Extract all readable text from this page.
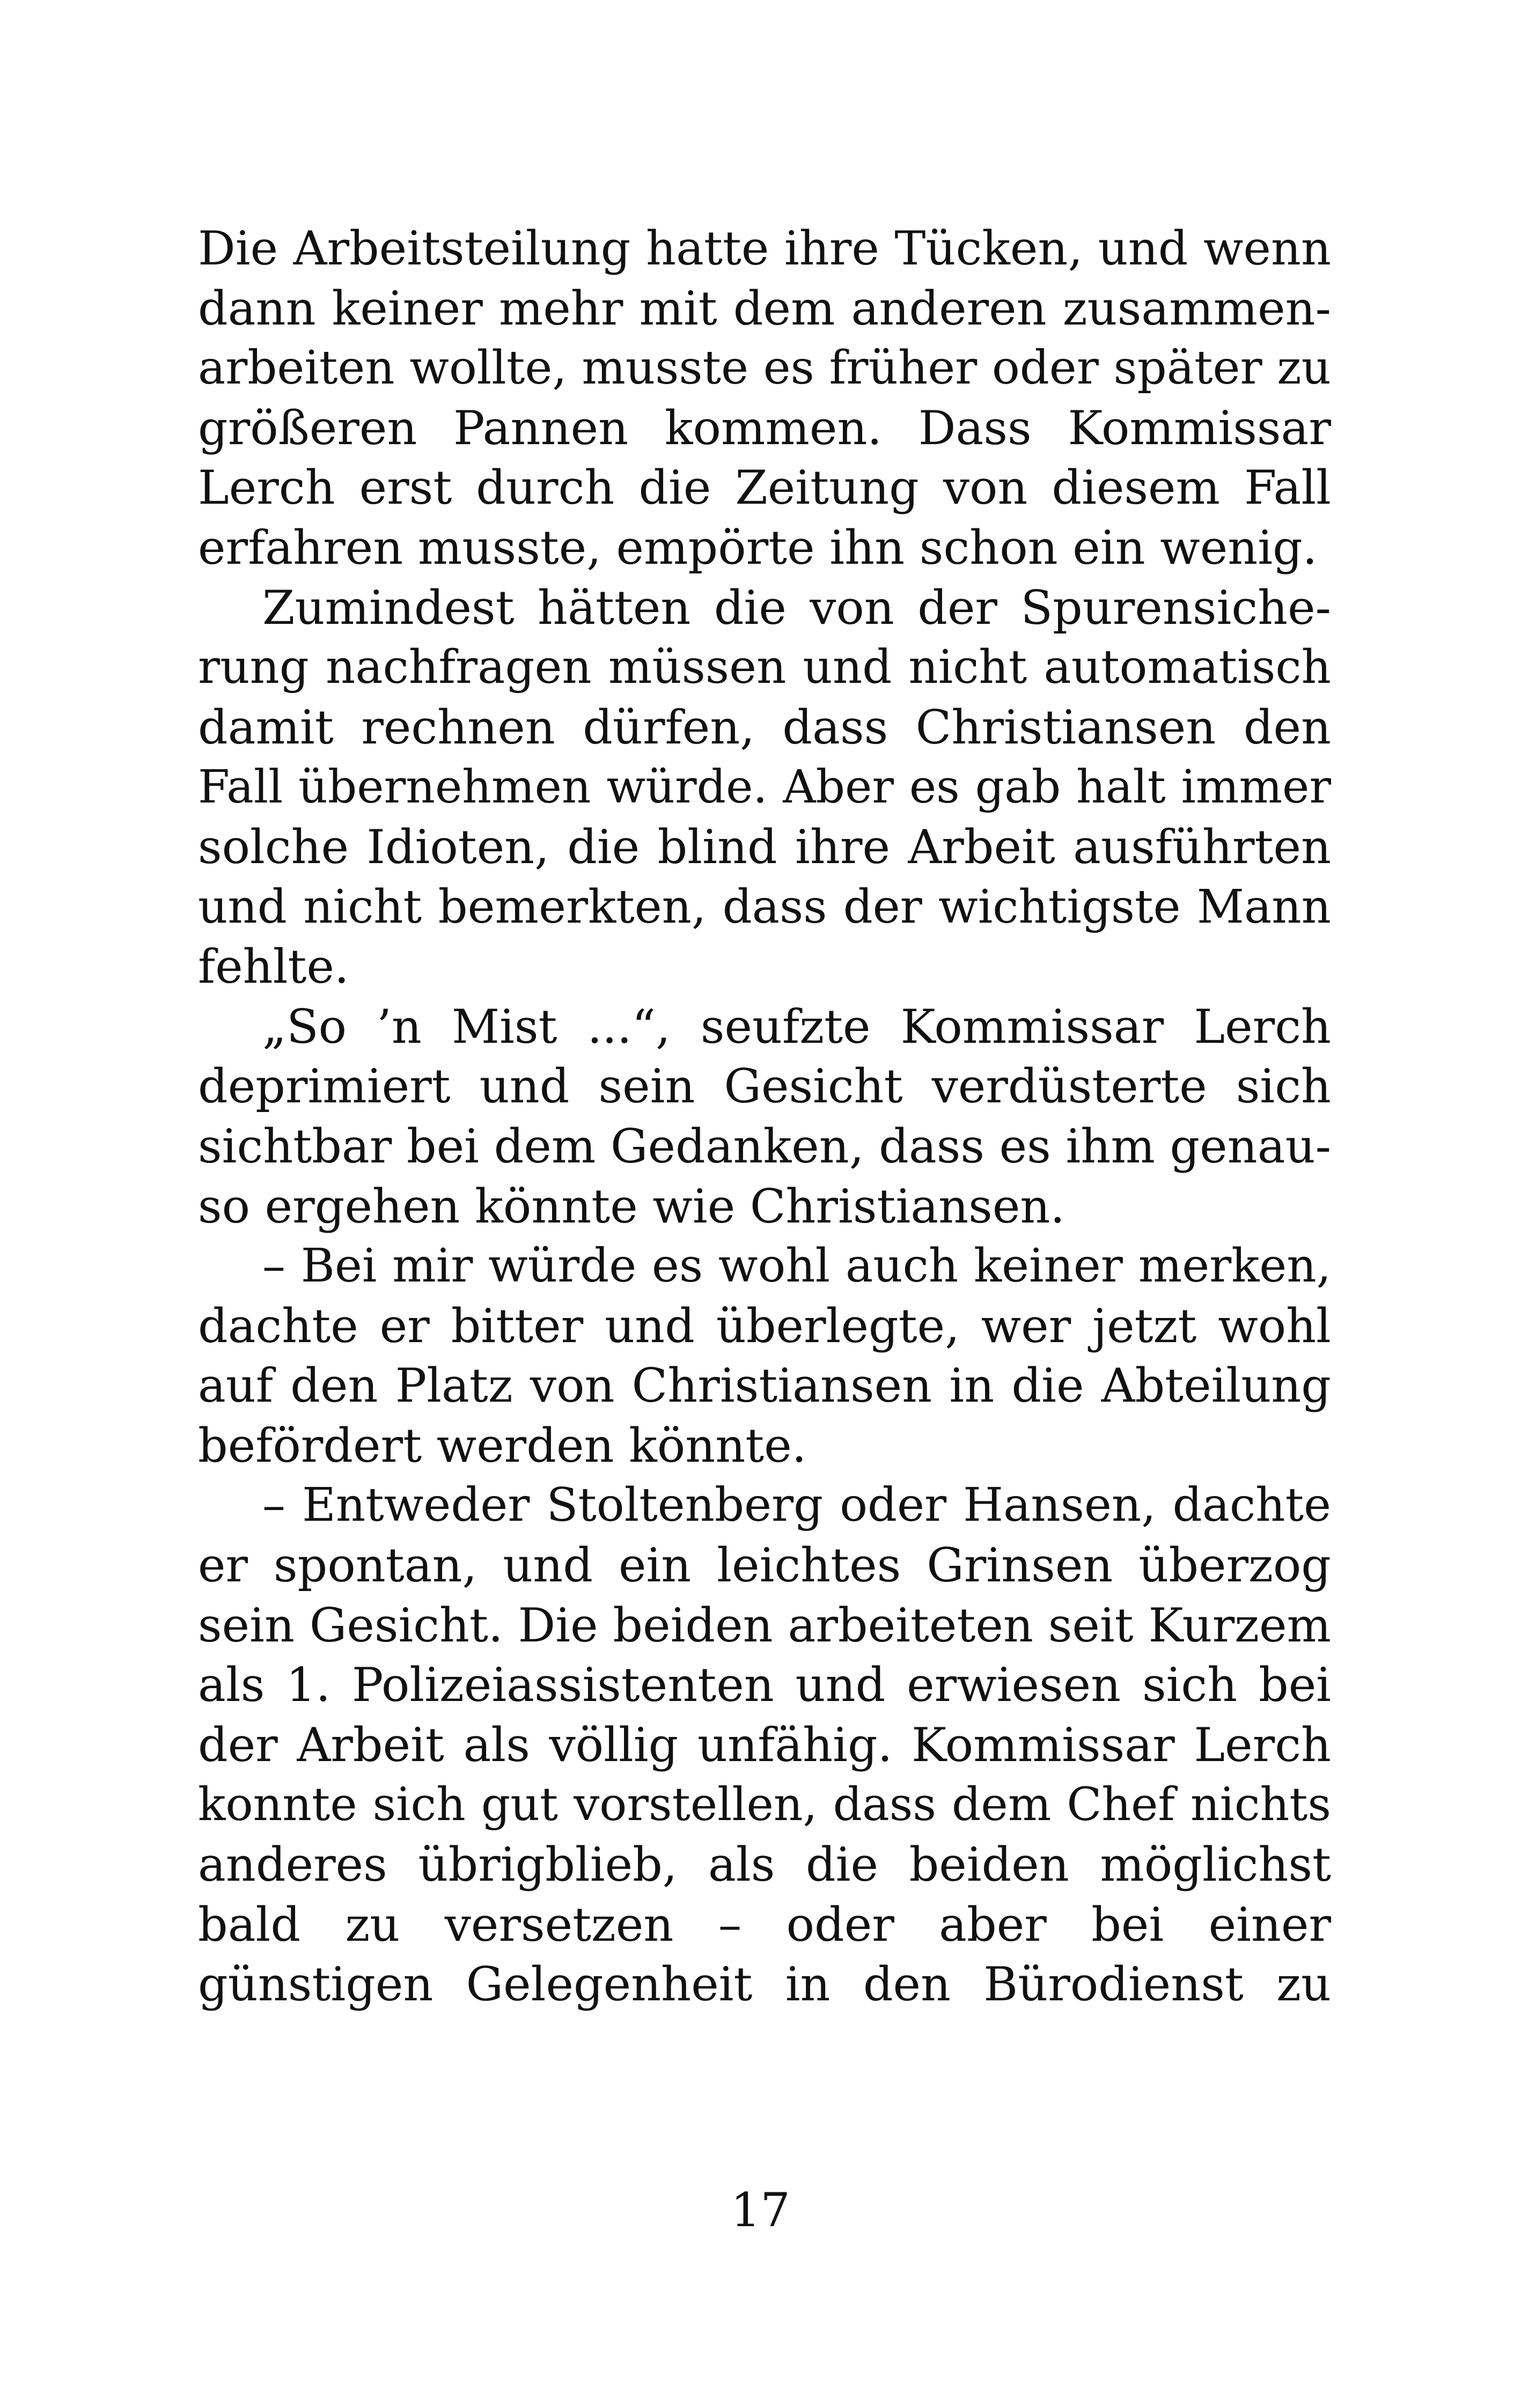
Die Arbeitsteilung hatte ihre Tücken, und wenn
dann keiner mehr mit dem anderen zusammen-
arbeiten wollte, musste es früher oder später zu
größeren Pannen kommen. Dass Kommissar
Lerch erst durch die Zeitung von diesem Fall
erfahren musste, empörte ihn schon ein wenig.
Zumindest hätten die von der Spurensiche-
rung nachfragen müssen und nicht automatisch
damit rechnen dürfen, dass Christiansen den
Fall übernehmen würde. Aber es gab halt immer
solche Idioten, die blind ihre Arbeit ausführten
und nicht bemerkten, dass der wichtigste Mann
fehlte.
„So ’n Mist ...“, seufzte Kommissar Lerch
deprimiert und sein Gesicht verdüsterte sich
sichtbar bei dem Gedanken, dass es ihm genau-
so ergehen könnte wie Christiansen.
– Bei mir würde es wohl auch keiner merken,
dachte er bitter und überlegte, wer jetzt wohl
auf den Platz von Christiansen in die Abteilung
befördert werden könnte.
– Entweder Stoltenberg oder Hansen, dachte
er spontan, und ein leichtes Grinsen überzog
sein Gesicht. Die beiden arbeiteten seit Kurzem
als 1. Polizeiassistenten und erwiesen sich bei
der Arbeit als völlig unfähig. Kommissar Lerch
konnte sich gut vorstellen, dass dem Chef nichts
anderes übrigblieb, als die beiden möglichst
bald zu versetzen – oder aber bei einer
günstigen Gelegenheit in den Bürodienst zu
17
